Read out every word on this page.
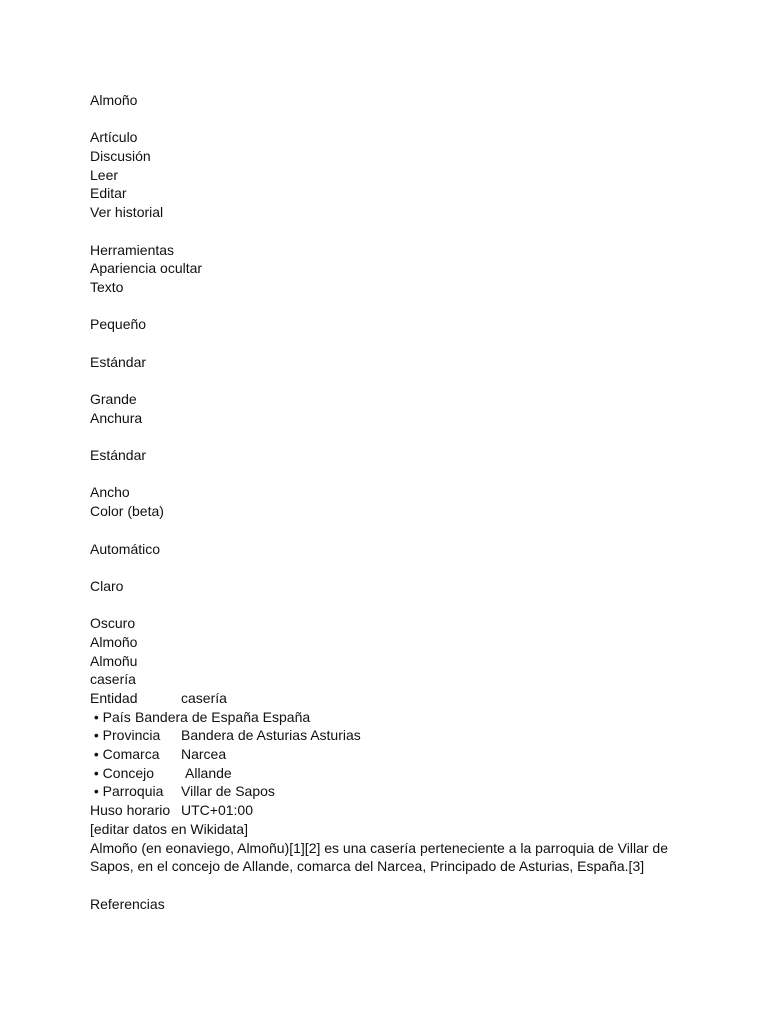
Almoño
Artículo
Discusión
Leer
Editar
Ver historial
Herramientas
Apariencia ocultar
Texto
Pequeño
Estándar
Grande
Anchura
Estándar
Ancho
Color (beta)
Automático
Claro
Oscuro
Almoño
Almoñu
casería
Entidad	casería
• País Bandera de España España
• Provincia	Bandera de Asturias Asturias
• Comarca	Narcea
• Concejo	Allande
• Parroquia	Villar de Sapos
Huso horario UTC+01:00
[editar datos en Wikidata]
Almoño (en eonaviego, Almoñu)[1][2] es una casería perteneciente a la parroquia de Villar de Sapos, en el concejo de Allande, comarca del Narcea, Principado de Asturias, España.[3]
Referencias
